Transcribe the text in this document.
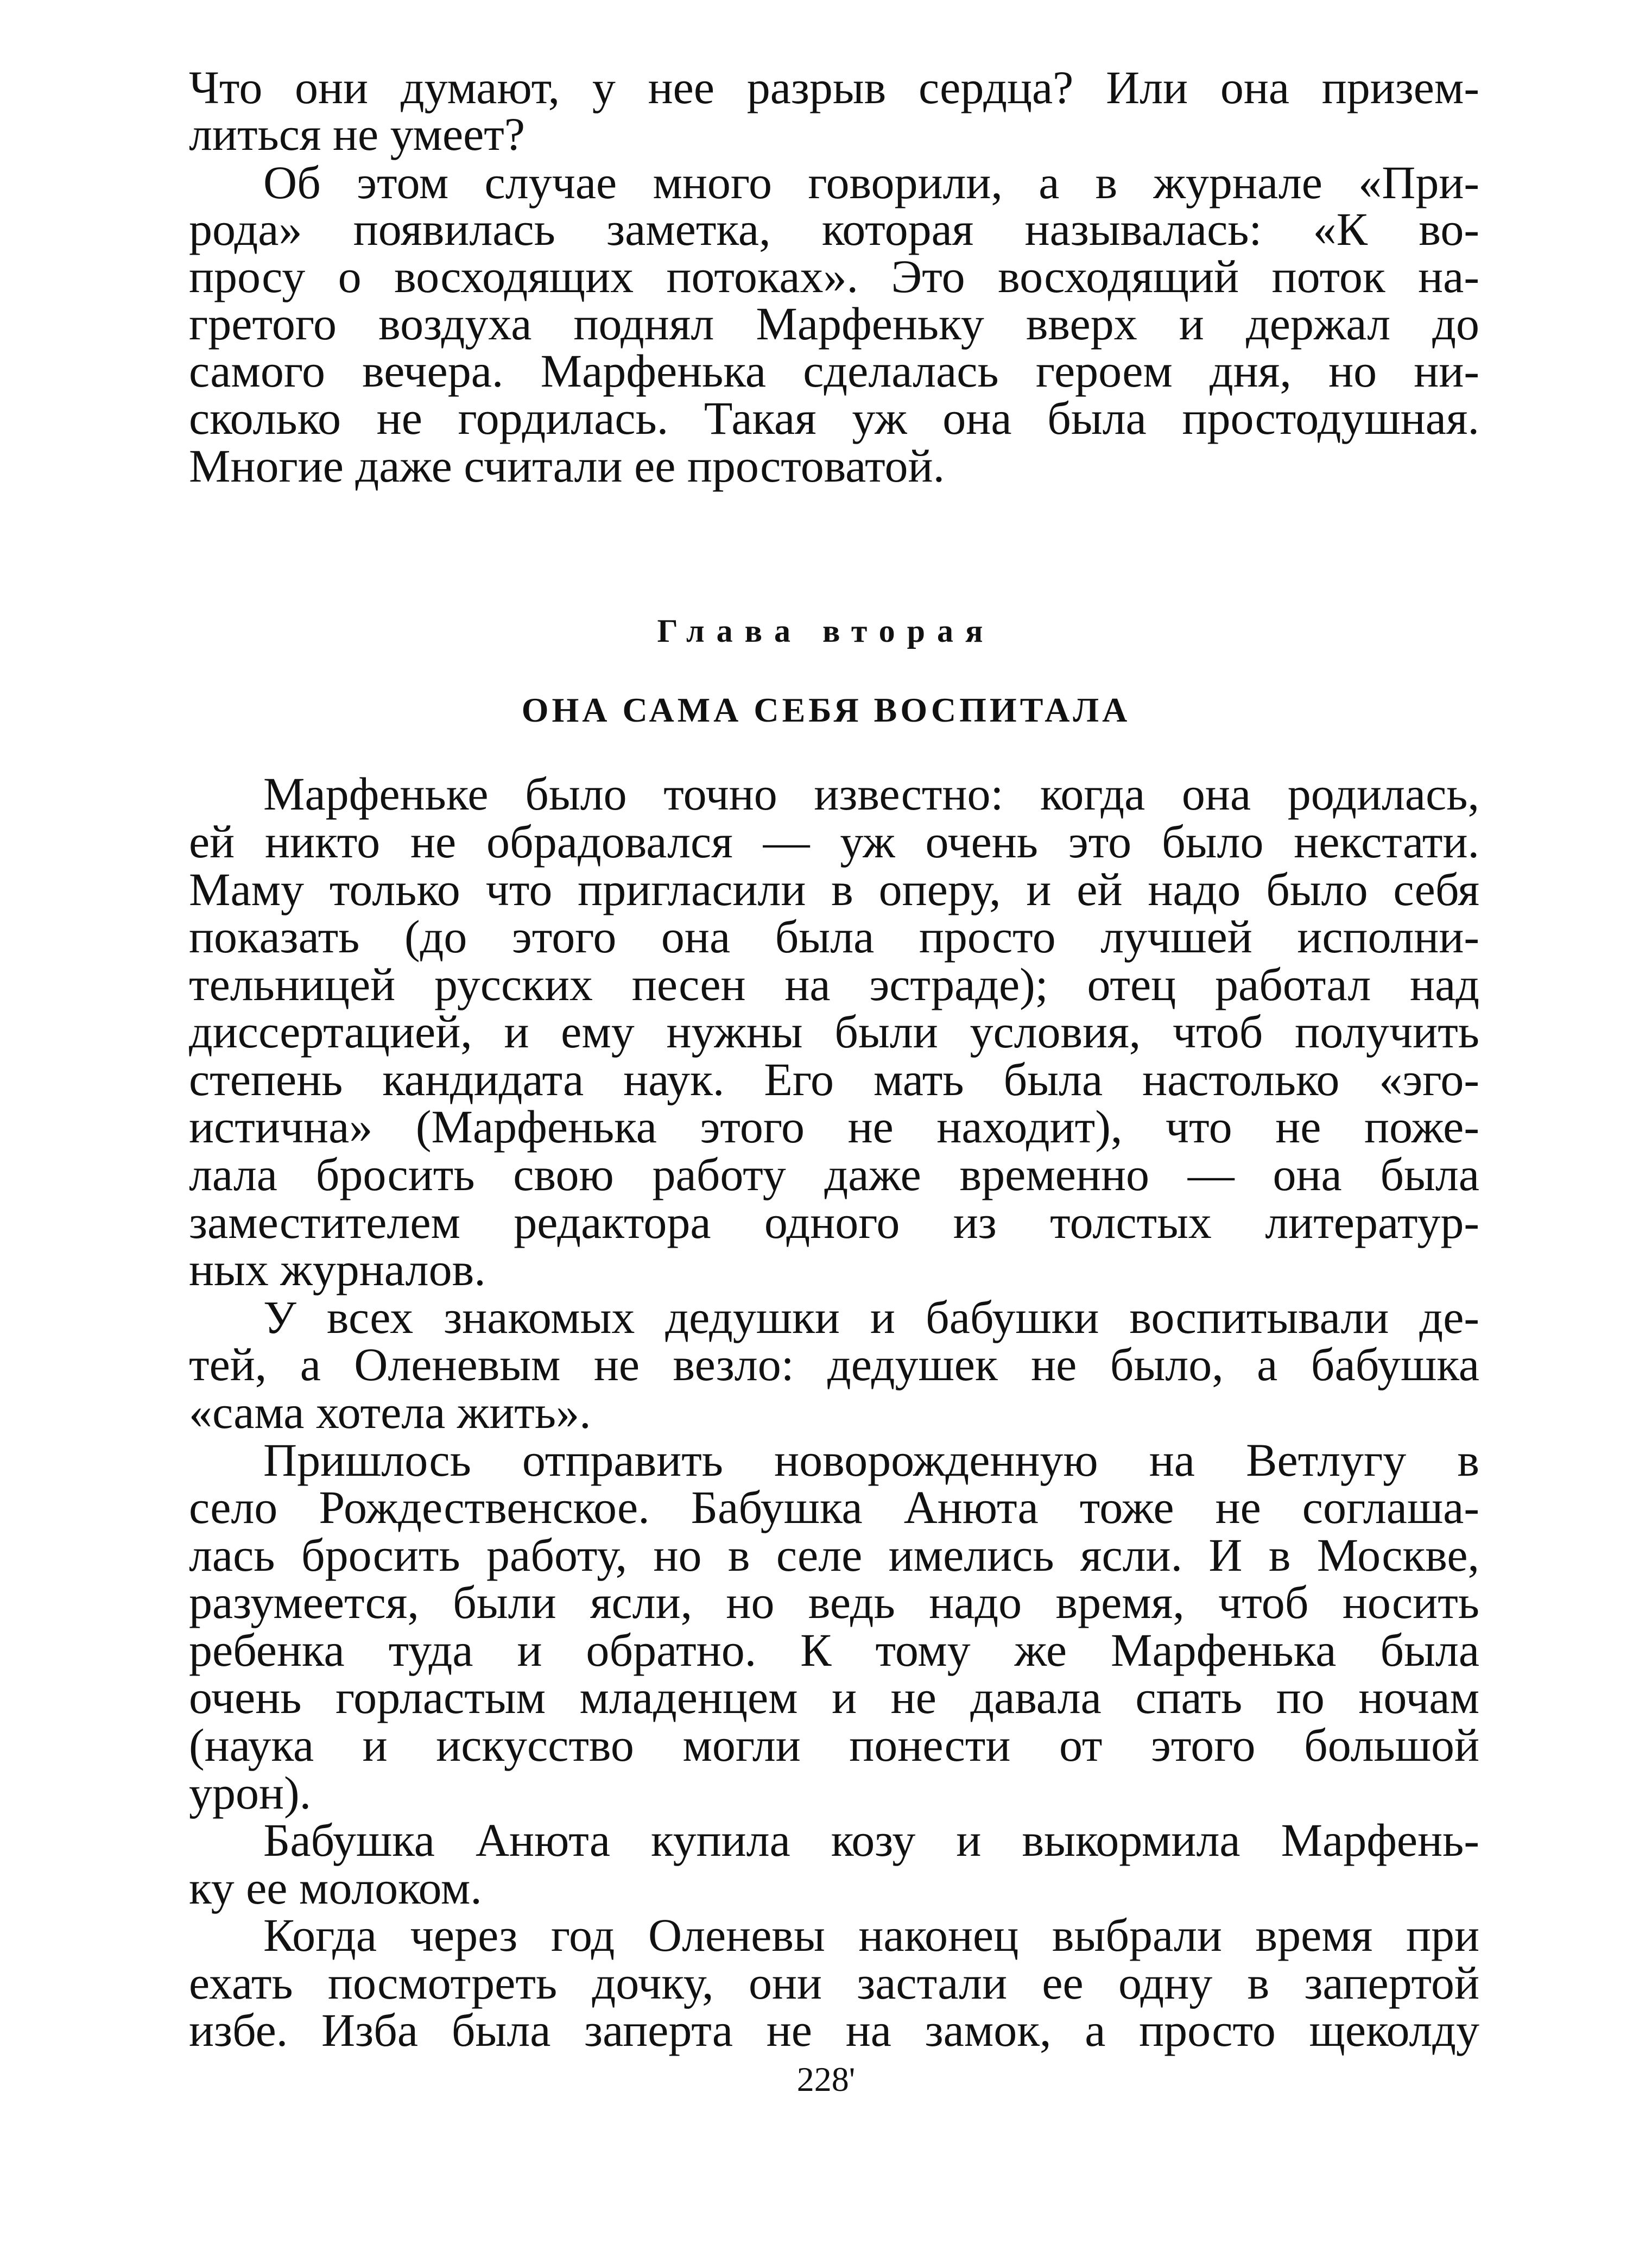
Что они думают, у нее разрыв сердца? Или она призем-
литься не умеет?
Об этом случае много говорили, а в журнале «При-
рода» появилась заметка, которая называлась: «К во-
просу о восходящих потоках». Это восходящий поток на-
гретого воздуха поднял Марфеньку вверх и держал до
самого вечера. Марфенька сделалась героем дня, но ни-
сколько не гордилась. Такая уж она была простодушная.
Многие даже считали ее простоватой.
Глава вторая
ОНА САМА СЕБЯ ВОСПИТАЛА
Марфеньке было точно известно: когда она родилась,
ей никто не обрадовался — уж очень это было некстати.
Маму только что пригласили в оперу, и ей надо было себя
показать (до этого она была просто лучшей исполни-
тельницей русских песен на эстраде); отец работал над
диссертацией, и ему нужны были условия, чтоб получить
степень кандидата наук. Его мать была настолько «эго-
истична» (Марфенька этого не находит), что не поже-
лала бросить свою работу даже временно — она была
заместителем редактора одного из толстых литератур-
ных журналов.
У всех знакомых дедушки и бабушки воспитывали де-
тей, а Оленевым не везло: дедушек не было, а бабушка
«сама хотела жить».
Пришлось отправить новорожденную на Ветлугу в
село Рождественское. Бабушка Анюта тоже не соглаша-
лась бросить работу, но в селе имелись ясли. И в Москве,
разумеется, были ясли, но ведь надо время, чтоб носить
ребенка туда и обратно. К тому же Марфенька была
очень горластым младенцем и не давала спать по ночам
(наука и искусство могли понести от этого большой
урон).
Бабушка Анюта купила козу и выкормила Марфень-
ку ее молоком.
Когда через год Оленевы наконец выбрали время при
ехать посмотреть дочку, они застали ее одну в запертой
избе. Изба была заперта не на замок, а просто щеколду
228'
